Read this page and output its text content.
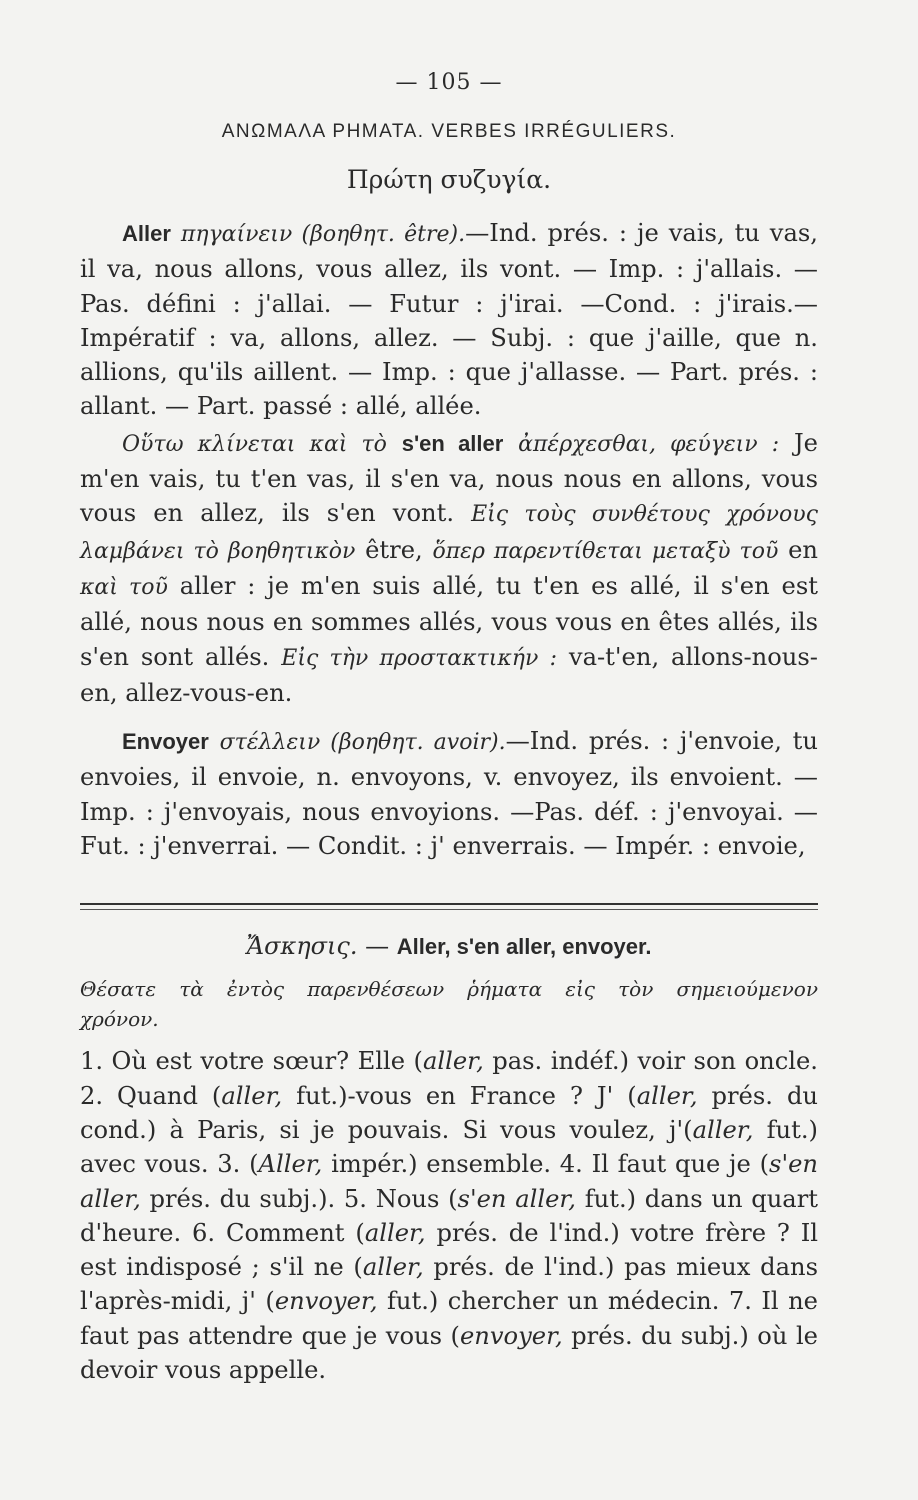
— 105 —
ΑΝΩΜΑΛΑ ΡΗΜΑΤΑ. VERBES IRRÉGULIERS.
Πρώτη συζυγία.

Aller πηγαίνειν (βοηθητ. être).—Ind. prés. : je vais, tu vas, il va, nous allons, vous allez, ils vont. — Imp. : j'allais. — Pas. défini : j'allai. — Futur : j'irai. —Cond. : j'irais.—Impératif : va, allons, allez. — Subj. : que j'aille, que n. allions, qu'ils aillent. — Imp. : que j'allasse. — Part. prés. : allant. — Part. passé : allé, allée.

Οὕτω κλίνεται καὶ τὸ s'en aller ἀπέρχεσθαι, φεύγειν : Je m'en vais, tu t'en vas, il s'en va, nous nous en allons, vous vous en allez, ils s'en vont. Εἰς τοὺς συνθέτους χρόνους λαμβάνει τὸ βοηθητικὸν être, ὅπερ παρεντίθεται μεταξὺ τοῦ en καὶ τοῦ aller : je m'en suis allé, tu t'en es allé, il s'en est allé, nous nous en sommes allés, vous vous en êtes allés, ils s'en sont allés. Εἰς τὴν προστακτικήν : va-t'en, allons-nous-en, allez-vous-en.

Envoyer στέλλειν (βοηθητ. avoir).—Ind. prés. : j'envoie, tu envoies, il envoie, n. envoyons, v. envoyez, ils envoient. — Imp. : j'envoyais, nous envoyions. —Pas. déf. : j'envoyai. — Fut. : j'enverrai. — Condit. : j' enverrais. — Impér. : envoie,

Ἄσκησις. — Aller, s'en aller, envoyer.

Θέσατε τὰ ἐντὸς παρενθέσεων ῥήματα εἰς τὸν σημειούμενον χρόνον.

1. Où est votre sœur? Elle (aller, pas. indéf.) voir son oncle. 2. Quand (aller, fut.)-vous en France ? J' (aller, prés. du cond.) à Paris, si je pouvais. Si vous voulez, j'(aller, fut.) avec vous. 3. (Aller, impér.) ensemble. 4. Il faut que je (s'en aller, prés. du subj.). 5. Nous (s'en aller, fut.) dans un quart d'heure. 6. Comment (aller, prés. de l'ind.) votre frère ? Il est indisposé ; s'il ne (aller, prés. de l'ind.) pas mieux dans l'après-midi, j' (envoyer, fut.) chercher un médecin. 7. Il ne faut pas attendre que je vous (envoyer, prés. du subj.) où le devoir vous appelle.
